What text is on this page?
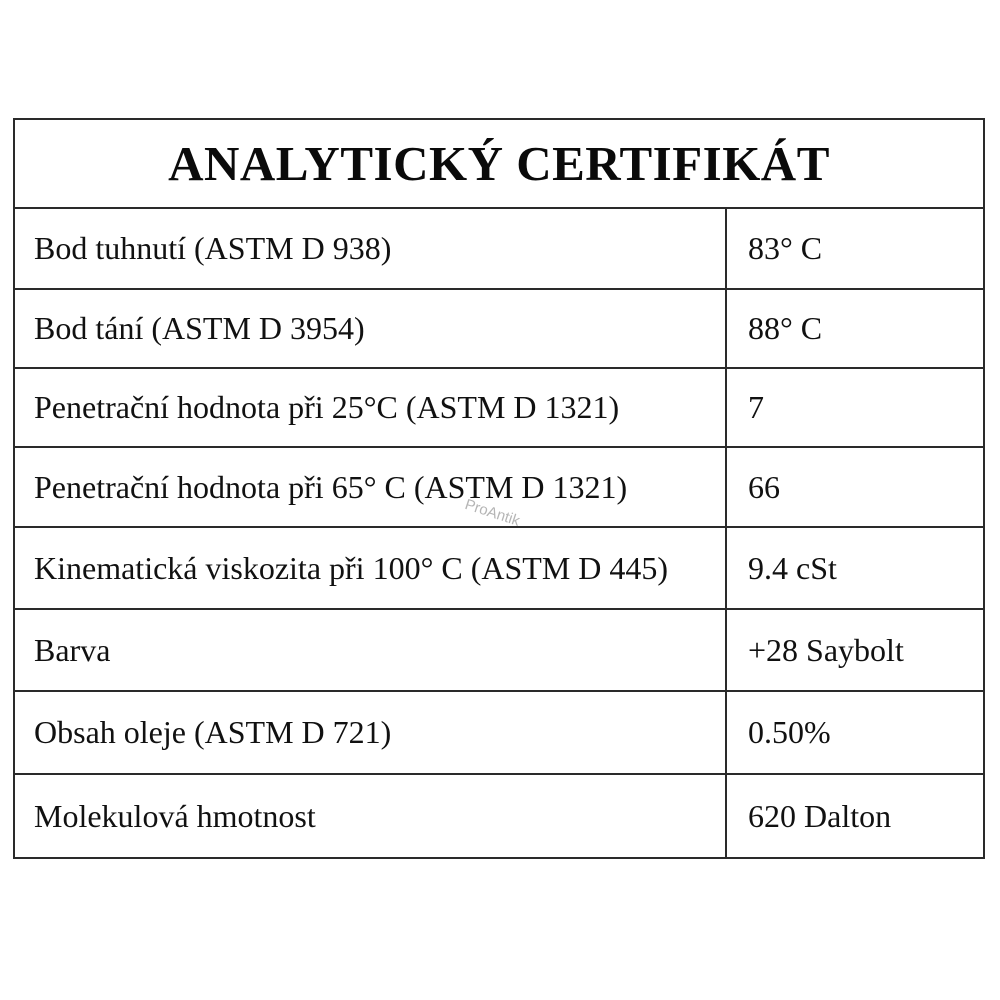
ANALYTICKÝ CERTIFIKÁT
Bod tuhnutí (ASTM D 938)	83° C
Bod tání (ASTM D 3954)	88° C
Penetrační hodnota při 25°C (ASTM D 1321)	7
Penetrační hodnota při 65° C (ASTM D 1321)	66
Kinematická viskozita při 100° C (ASTM D 445)	9.4 cSt
Barva	+28 Saybolt
Obsah oleje (ASTM D 721)	0.50%
Molekulová hmotnost	620 Dalton
ProAntik
